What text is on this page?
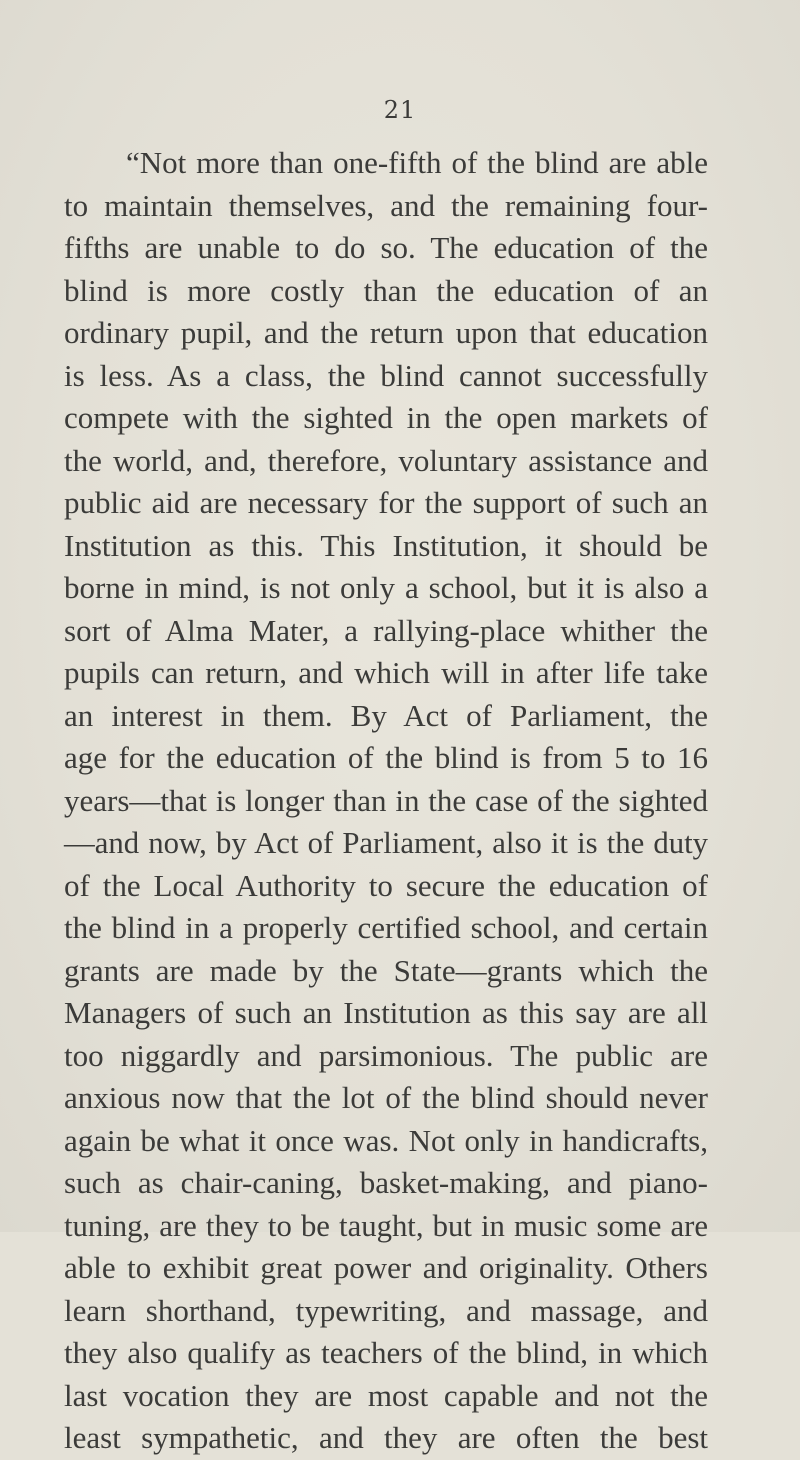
21
“Not more than one-fifth of the blind are able
to maintain themselves, and the remaining four-
fifths are unable to do so. The education of the
blind is more costly than the education of an
ordinary pupil, and the return upon that education
is less. As a class, the blind cannot successfully
compete with the sighted in the open markets of
the world, and, therefore, voluntary assistance and
public aid are necessary for the support of such an
Institution as this. This Institution, it should be
borne in mind, is not only a school, but it is also a
sort of Alma Mater, a rallying-place whither the
pupils can return, and which will in after life take
an interest in them. By Act of Parliament, the
age for the education of the blind is from 5 to 16
years—that is longer than in the case of the sighted
—and now, by Act of Parliament, also it is the duty
of the Local Authority to secure the education of
the blind in a properly certified school, and certain
grants are made by the State—grants which the
Managers of such an Institution as this say are all
too niggardly and parsimonious. The public are
anxious now that the lot of the blind should never
again be what it once was. Not only in handicrafts,
such as chair-caning, basket-making, and piano-
tuning, are they to be taught, but in music some are
able to exhibit great power and originality. Others
learn shorthand, typewriting, and massage, and
they also qualify as teachers of the blind, in which
last vocation they are most capable and not the
least sympathetic, and they are often the best
